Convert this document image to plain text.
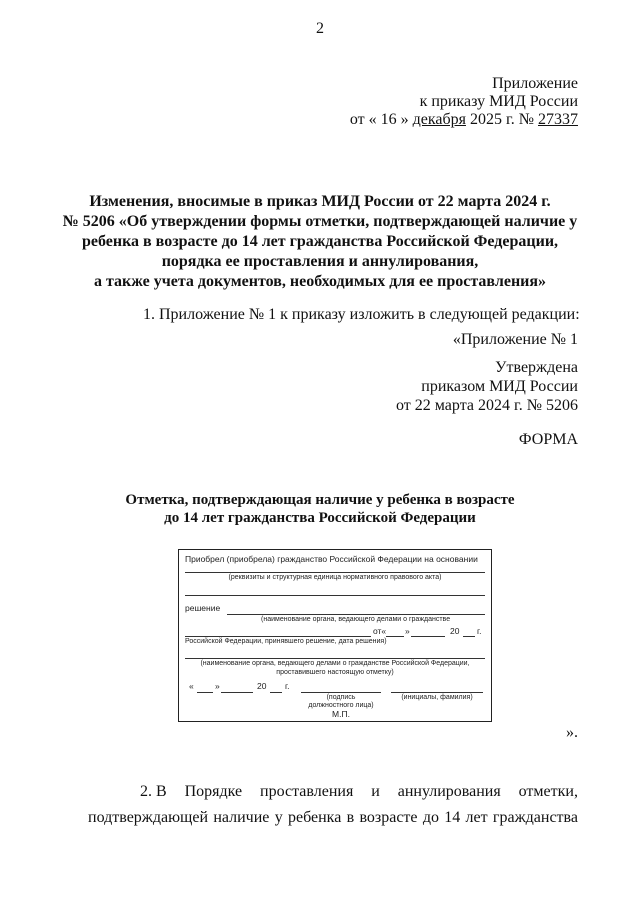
2
Приложение
к приказу МИД России
от « 16 » декабря 2025 г. № 27337
Изменения, вносимые в приказ МИД России от 22 марта 2024 г.
№ 5206 «Об утверждении формы отметки, подтверждающей наличие у
ребенка в возрасте до 14 лет гражданства Российской Федерации,
порядка ее проставления и аннулирования,
а также учета документов, необходимых для ее проставления»
1. Приложение № 1 к приказу изложить в следующей редакции:
«Приложение № 1
Утверждена
приказом МИД России
от 22 марта 2024 г. № 5206
ФОРМА
Отметка, подтверждающая наличие у ребенка в возрасте
до 14 лет гражданства Российской Федерации
Приобрел (приобрела) гражданство Российской Федерации на основании
(реквизиты и структурная единица нормативного правового акта)
решение
(наименование органа, ведающего делами о гражданстве
от« »	20 г.
Российской Федерации, принявшего решение, дата решения)
(наименование органа, ведающего делами о гражданстве Российской Федерации,
проставившего настоящую отметку)
«	»	20 г.
(подпись
должностного лица)
(инициалы, фамилия)
М.П.
».
2. В Порядке проставления и аннулирования отметки,
подтверждающей наличие у ребенка в возрасте до 14 лет гражданства
